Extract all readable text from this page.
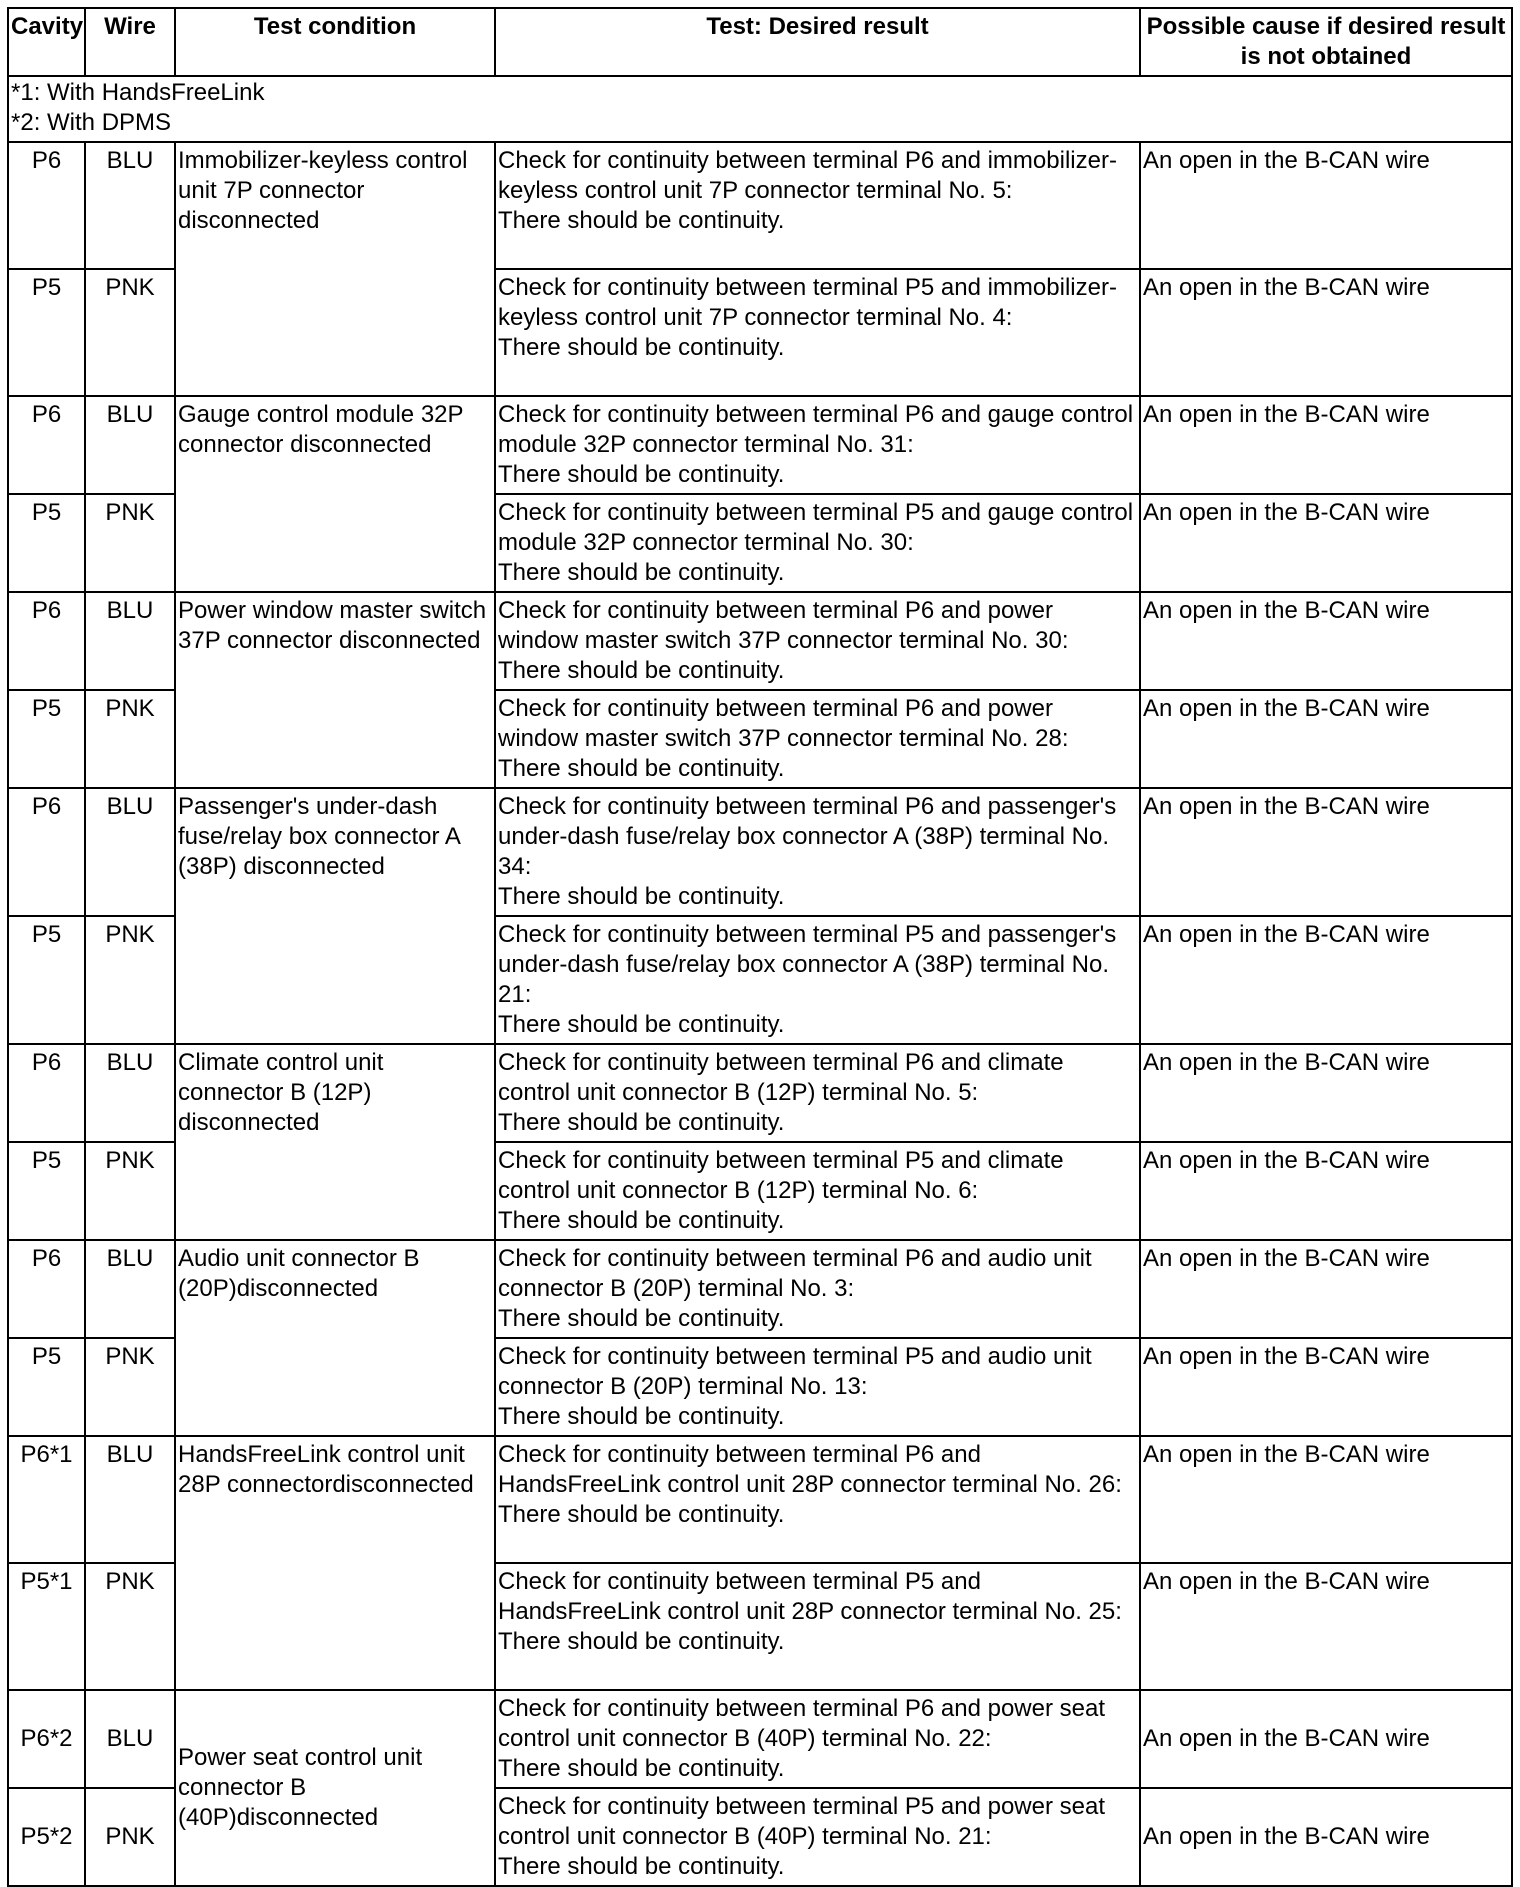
Cavity	Wire	Test condition	Test: Desired result	Possible cause if desired result is not obtained

*1: With HandsFreeLink
*2: With DPMS				

P6	BLU	Immobilizer-keyless control unit 7P connector disconnected	Check for continuity between terminal P6 and immobilizer-keyless control unit 7P connector terminal No. 5:
There should be continuity.	An open in the B-CAN wire
P5	PNK		Check for continuity between terminal P5 and immobilizer-keyless control unit 7P connector terminal No. 4:
There should be continuity.	An open in the B-CAN wire
P6	BLU	Gauge control module 32P connector disconnected	Check for continuity between terminal P6 and gauge control module 32P connector terminal No. 31:
There should be continuity.	An open in the B-CAN wire
P5	PNK		Check for continuity between terminal P5 and gauge control module 32P connector terminal No. 30:
There should be continuity.	An open in the B-CAN wire
P6	BLU	Power window master switch 37P connector disconnected	Check for continuity between terminal P6 and power window master switch 37P connector terminal No. 30:
There should be continuity.	An open in the B-CAN wire
P5	PNK		Check for continuity between terminal P6 and power window master switch 37P connector terminal No. 28:
There should be continuity.	An open in the B-CAN wire
P6	BLU	Passenger's under-dash fuse/relay box connector A (38P) disconnected	Check for continuity between terminal P6 and passenger's under-dash fuse/relay box connector A (38P) terminal No. 34:
There should be continuity.	An open in the B-CAN wire
P5	PNK		Check for continuity between terminal P5 and passenger's under-dash fuse/relay box connector A (38P) terminal No. 21:
There should be continuity.	An open in the B-CAN wire
P6	BLU	Climate control unit connector B (12P) disconnected	Check for continuity between terminal P6 and climate control unit connector B (12P) terminal No. 5:
There should be continuity.	An open in the B-CAN wire
P5	PNK		Check for continuity between terminal P5 and climate control unit connector B (12P) terminal No. 6:
There should be continuity.	An open in the B-CAN wire
P6	BLU	Audio unit connector B (20P)disconnected	Check for continuity between terminal P6 and audio unit connector B (20P) terminal No. 3:
There should be continuity.	An open in the B-CAN wire
P5	PNK		Check for continuity between terminal P5 and audio unit connector B (20P) terminal No. 13:
There should be continuity.	An open in the B-CAN wire
P6*1	BLU	HandsFreeLink control unit 28P connectordisconnected	Check for continuity between terminal P6 and HandsFreeLink control unit 28P connector terminal No. 26:
There should be continuity.	An open in the B-CAN wire
P5*1	PNK		Check for continuity between terminal P5 and HandsFreeLink control unit 28P connector terminal No. 25:
There should be continuity.	An open in the B-CAN wire
P6*2	BLU	Power seat control unit connector B (40P)disconnected	Check for continuity between terminal P6 and power seat control unit connector B (40P) terminal No. 22:
There should be continuity.	An open in the B-CAN wire
P5*2	PNK		Check for continuity between terminal P5 and power seat control unit connector B (40P) terminal No. 21:
There should be continuity.	An open in the B-CAN wire
